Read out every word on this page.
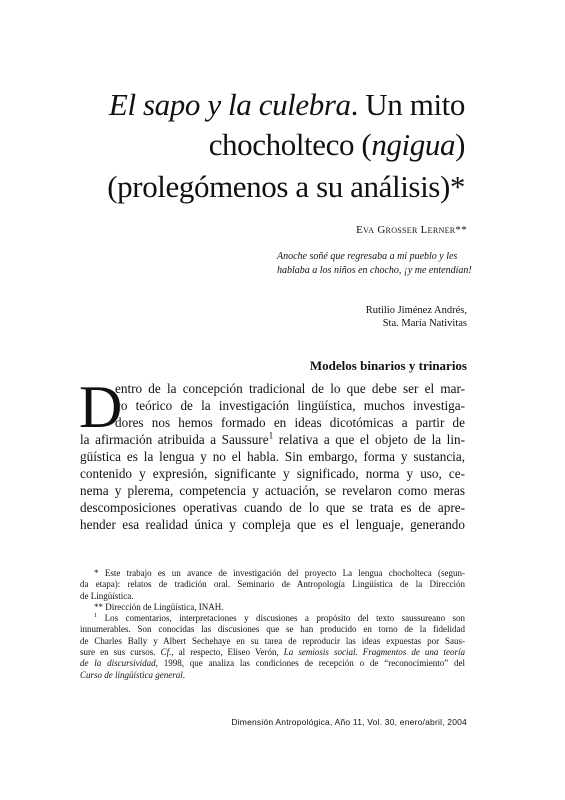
El sapo y la culebra. Un mito
chocholteco (ngigua)
(prolegómenos a su análisis)*
Eva Grosser Lerner**
Anoche soñé que regresaba a mi pueblo y les hablaba a los niños en chocho, ¡y me entendían!
Rutilio Jiménez Andrés,
Sta. María Nativitas
Modelos binarios y trinarios
D
entro de la concepción tradicional de lo que debe ser el mar-
co teórico de la investigación lingüística, muchos investiga-
dores nos hemos formado en ideas dicotómicas a partir de
la afirmación atribuida a Saussure$^1$ relativa a que el objeto de la lin-
güística es la lengua y no el habla. Sin embargo, forma y sustancia,
contenido y expresión, significante y significado, norma y uso, ce-
nema y plerema, competencia y actuación, se revelaron como meras
descomposiciones operativas cuando de lo que se trata es de apre-
hender esa realidad única y compleja que es el lenguaje, generando
* Este trabajo es un avance de investigación del proyecto La lengua chocholteca (segun-
da etapa): relatos de tradición oral. Seminario de Antropología Lingüística de la Dirección
de Lingüística.
** Dirección de Lingüística, INAH.
$^1$ Los comentarios, interpretaciones y discusiones a propósito del texto saussureano son
innumerables. Son conocidas las discusiones que se han producido en torno de la fidelidad
de Charles Bally y Albert Sechehaye en su tarea de reproducir las ideas expuestas por Saus-
sure en sus cursos. Cf., al respecto, Eliseo Verón, La semiosis social. Fragmentos de una teoría
de la discursividad, 1998, que analiza las condiciones de recepción o de “reconocimiento” del
Curso de lingüística general.
Dimensión Antropológica, Año 11, Vol. 30, enero/abril, 2004
